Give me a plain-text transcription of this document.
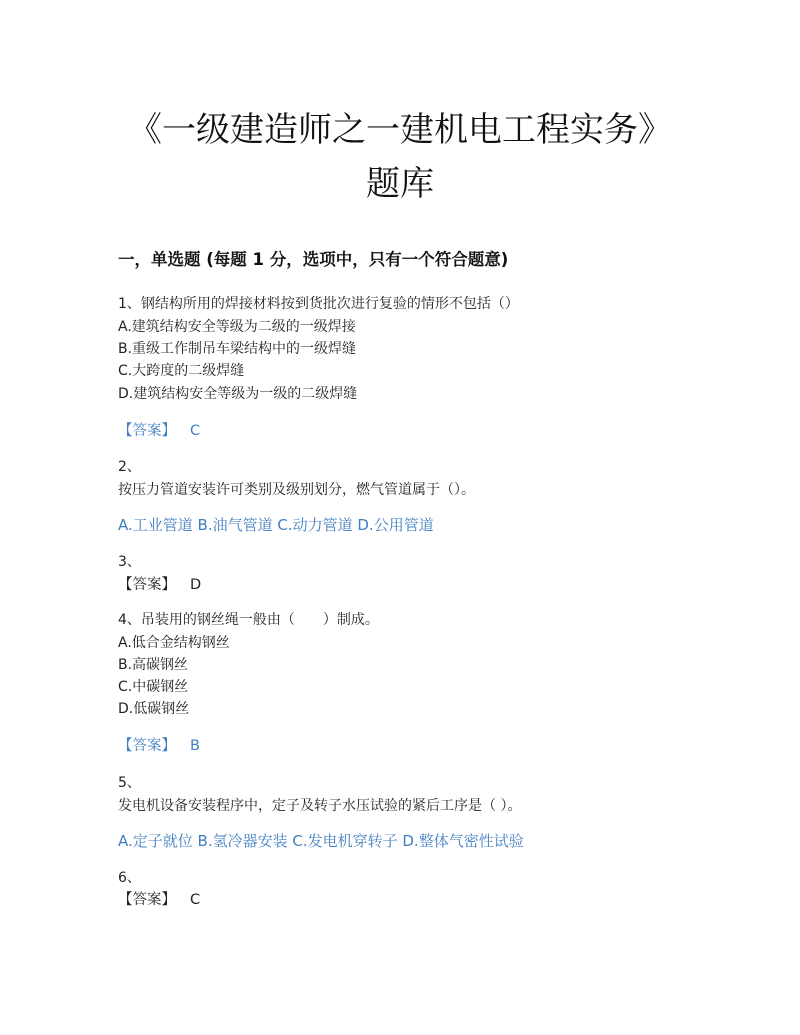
《一级建造师之一建机电工程实务》
题库

一，单选题 (每题 1 分，选项中，只有一个符合题意)

1、钢结构所用的焊接材料按到货批次进行复验的情形不包括（）

A.建筑结构安全等级为二级的一级焊接

B.重级工作制吊车梁结构中的一级焊缝

C.大跨度的二级焊缝

D.建筑结构安全等级为一级的二级焊缝

【答案】 C

2、

按压力管道安装许可类别及级别划分，燃气管道属于（）。

A.工业管道 B.油气管道 C.动力管道 D.公用管道

3、

【答案】 D

4、吊装用的钢丝绳一般由（　　）制成。

A.低合金结构钢丝

B.高碳钢丝

C.中碳钢丝

D.低碳钢丝

【答案】 B

5、

发电机设备安装程序中，定子及转子水压试验的紧后工序是（ ）。

A.定子就位 B.氢冷器安装 C.发电机穿转子 D.整体气密性试验

6、

【答案】 C
